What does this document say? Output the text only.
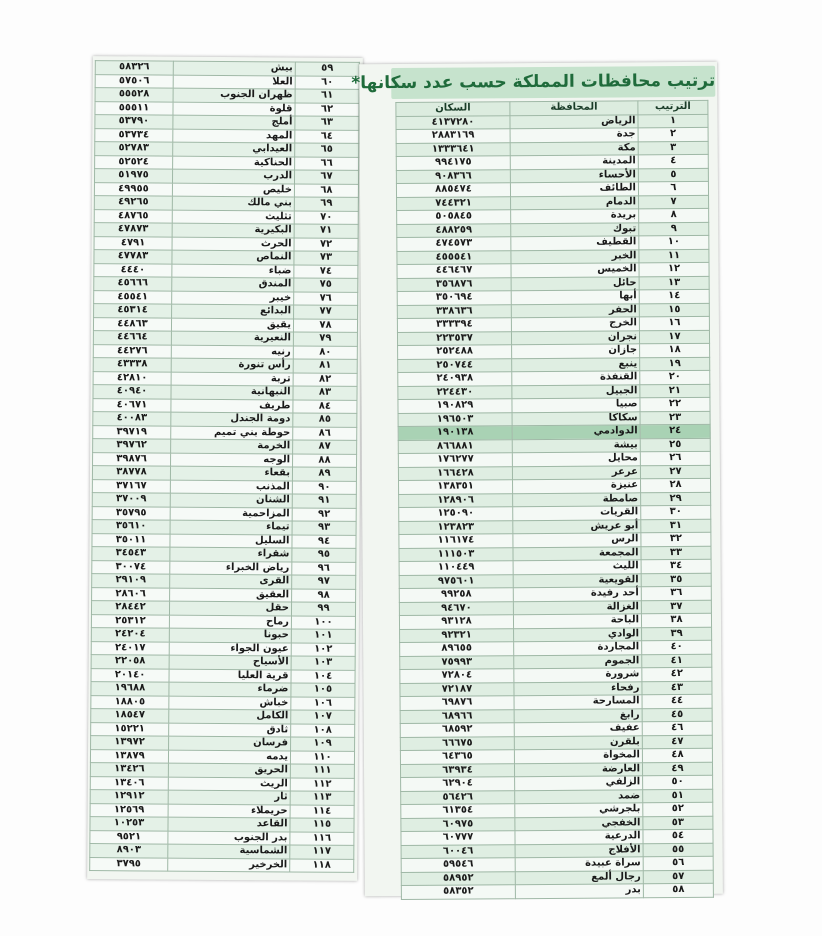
٥٩	بيش	٥٨٣٢٦
٦٠	العلا	٥٧٥٠٦
٦١	ظهران الجنوب	٥٥٥٢٨
٦٢	قلوة	٥٥٥١١
٦٣	أملج	٥٣٧٩٠
٦٤	المهد	٥٣٧٣٤
٦٥	العيدابي	٥٢٧٨٣
٦٦	الحناكية	٥٢٥٢٤
٦٧	الدرب	٥١٩٧٥
٦٨	خليص	٤٩٩٥٥
٦٩	بني مالك	٤٩٢٦٥
٧٠	تثليث	٤٨٧٦٥
٧١	البكيرية	٤٧٨٧٣
٧٢	الحرث	٤٧٩١
٧٣	النماص	٤٧٧٨٣
٧٤	ضباء	٤٤٤٠
٧٥	المندق	٤٥٦٦٦
٧٦	خيبر	٤٥٥٤١
٧٧	البدائع	٤٥٣١٤
٧٨	يقيق	٤٤٨٦٣
٧٩	النعيرية	٤٤٦٦٤
٨٠	رنيه	٤٤٢٧٦
٨١	رأس تنورة	٤٣٣٣٨
٨٢	تربة	٤٢٨١٠
٨٣	النبهانية	٤٠٩٤٠
٨٤	طريف	٤٠٦٧١
٨٥	دومة الجندل	٤٠٠٨٣
٨٦	حوطة بني تميم	٣٩٧١٩
٨٧	الخرمة	٣٩٧٦٢
٨٨	الوجه	٣٩٨٧٦
٨٩	بقعاء	٣٨٧٧٨
٩٠	المذنب	٣٧١٦٧
٩١	الشنان	٣٧٠٠٩
٩٢	المزاحمية	٣٥٧٩٥
٩٣	تيماء	٣٥٦١٠
٩٤	السليل	٣٥٠١١
٩٥	شقراء	٣٤٥٤٣
٩٦	رياض الخبراء	٣٠٠٧٤
٩٧	القرى	٢٩١٠٩
٩٨	العقيق	٢٨٦٠٦
٩٩	حقل	٢٨٤٤٢
١٠٠	رماح	٢٥٣١٢
١٠١	حبونا	٢٤٢٠٤
١٠٢	عيون الجواء	٢٤٠١٧
١٠٣	الأسياح	٢٢٠٥٨
١٠٤	قرية العليا	٢٠١٤٠
١٠٥	ضرماء	١٩٦٨٨
١٠٦	خباش	١٨٨٠٥
١٠٧	الكامل	١٨٥٤٧
١٠٨	ثادق	١٥٢٢١
١٠٩	فرسان	١٣٩٧٢
١١٠	يدمه	١٣٨٧٩
١١١	الحريق	١٣٤٢٦
١١٢	الريث	١٣٤٠٦
١١٣	ثار	١٢٩١٢
١١٤	حريملاء	١٢٥٦٩
١١٥	القاعد	١٠٢٥٣
١١٦	بدر الجنوب	٩٥٢١
١١٧	الشماسية	٨٩٠٣
١١٨	الخرخير	٣٧٩٥
ترتيب محافظات المملكة حسب عدد سكانها*
الترتيب	المحافظة	السكان
١	الرياض	٤١٣٧٢٨٠
٢	جدة	٢٨٨٣١٦٩
٣	مكة	١٣٣٣٦٤١
٤	المدينة	٩٩٤١٧٥
٥	الأحساء	٩٠٨٣٦٦
٦	الطائف	٨٨٥٤٧٤
٧	الدمام	٧٤٤٣٢١
٨	بريدة	٥٠٥٨٤٥
٩	تبوك	٤٨٨٢٥٩
١٠	القطيف	٤٧٤٥٧٣
١١	الخبر	٤٥٥٥٤١
١٢	الخميس	٤٤٦٤٦٧
١٣	حائل	٣٥٦٨٧٦
١٤	أبها	٣٥٠٦٩٤
١٥	الحفر	٣٣٨٦٣٦
١٦	الخرج	٣٣٣٣٩٤
١٧	نجران	٢٢٣٥٣٧
١٨	جازان	٢٥٢٤٨٨
١٩	ينبع	٢٥٠٧٤٤
٢٠	القنفذة	٢٤٠٩٣٨
٢١	الجبيل	٢٢٤٤٣٠
٢٢	صبيا	١٩٠٨٢٩
٢٣	سكاكا	١٩٦٥٠٣
٢٤	الدوادمي	١٩٠١٣٨
٢٥	بيشة	٨٦٦٨٨١
٢٦	محايل	١٧٦٢٧٧
٢٧	عرعر	١٦٦٤٢٨
٢٨	عنيزة	١٣٨٣٥١
٢٩	صامطة	١٢٨٩٠٦
٣٠	القريات	١٢٥٠٩٠
٣١	أبو عريش	١٢٣٨٢٣
٣٢	الرس	١١٦١٧٤
٣٣	المجمعة	١١١٥٠٣
٣٤	الليث	١١٠٤٤٩
٣٥	القويعية	٩٧٥٦٠١
٣٦	أحد رفيدة	٩٩٢٥٨
٣٧	الغزالة	٩٤٦٧٠
٣٨	الباحة	٩٣١٢٨
٣٩	الوادي	٩٢٣٢١
٤٠	المجاردة	٨٩٦٥٥
٤١	الجموم	٧٥٩٩٣
٤٢	شرورة	٧٢٨٠٤
٤٣	رفحاء	٧٢١٨٧
٤٤	المسارحة	٦٩٨٧٦
٤٥	رابغ	٦٨٩٦٦
٤٦	عفيف	٦٨٥٩٢
٤٧	بلقرن	٦٦٦٧٥
٤٨	المخواة	٦٤٣٦٥
٤٩	العارضة	٦٣٩٣٤
٥٠	الزلفي	٦٢٩٠٤
٥١	ضمد	٥٦٤٢٦
٥٢	بلجرشي	٦١٣٥٤
٥٣	الخفجي	٦٠٩٧٥
٥٤	الدرعية	٦٠٧٧٧
٥٥	الأفلاج	٦٠٠٤٦
٥٦	سراة عبيدة	٥٩٥٤٦
٥٧	رجال ألمع	٥٨٩٥٢
٥٨	بدر	٥٨٣٥٢
